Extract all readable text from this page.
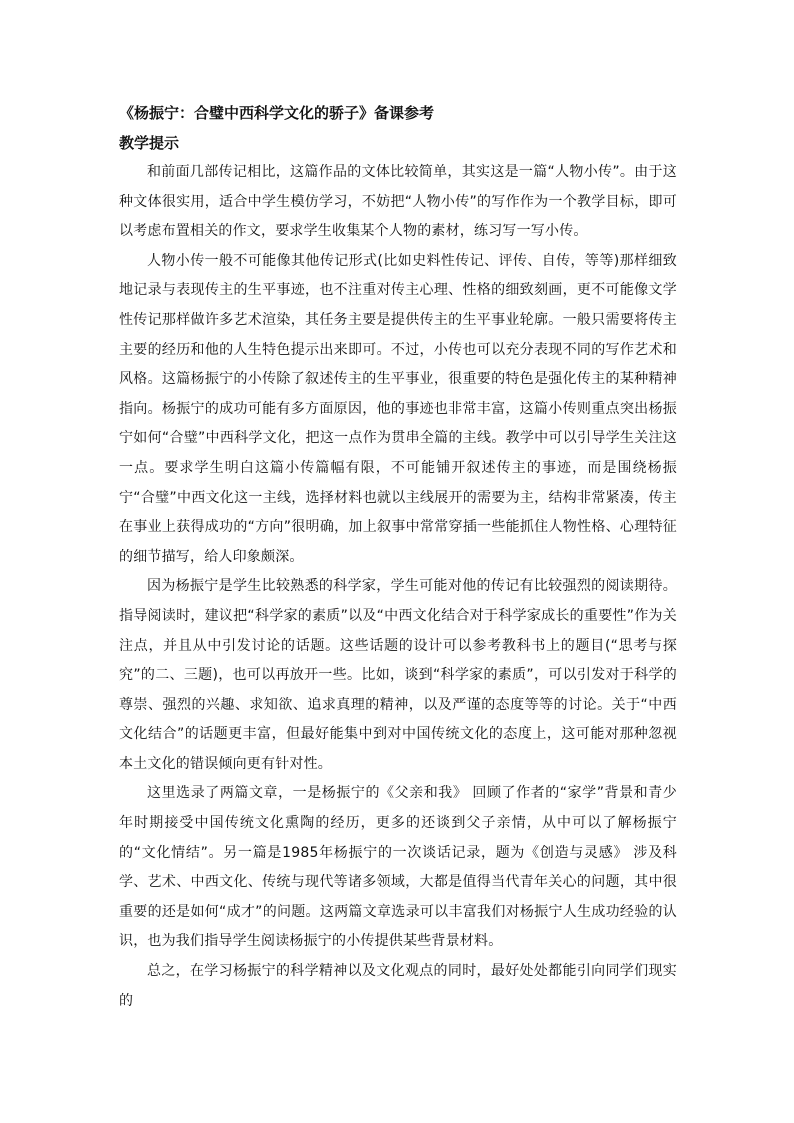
《杨振宁：合璧中西科学文化的骄子》备课参考
教学提示

和前面几部传记相比，这篇作品的文体比较简单，其实这是一篇“人物小传”。由于这种文体很实用，适合中学生模仿学习，不妨把“人物小传”的写作作为一个教学目标，即可以考虑布置相关的作文，要求学生收集某个人物的素材，练习写一写小传。

人物小传一般不可能像其他传记形式(比如史料性传记、评传、自传，等等)那样细致地记录与表现传主的生平事迹，也不注重对传主心理、性格的细致刻画，更不可能像文学性传记那样做许多艺术渲染，其任务主要是提供传主的生平事业轮廓。一般只需要将传主主要的经历和他的人生特色提示出来即可。不过，小传也可以充分表现不同的写作艺术和风格。这篇杨振宁的小传除了叙述传主的生平事业，很重要的特色是强化传主的某种精神指向。杨振宁的成功可能有多方面原因，他的事迹也非常丰富，这篇小传则重点突出杨振宁如何“合璧”中西科学文化，把这一点作为贯串全篇的主线。教学中可以引导学生关注这一点。要求学生明白这篇小传篇幅有限，不可能铺开叙述传主的事迹，而是围绕杨振宁“合璧”中西文化这一主线，选择材料也就以主线展开的需要为主，结构非常紧凑，传主在事业上获得成功的“方向”很明确，加上叙事中常常穿插一些能抓住人物性格、心理特征的细节描写，给人印象颇深。

因为杨振宁是学生比较熟悉的科学家，学生可能对他的传记有比较强烈的阅读期待。指导阅读时，建议把“科学家的素质”以及“中西文化结合对于科学家成长的重要性”作为关注点，并且从中引发讨论的话题。这些话题的设计可以参考教科书上的题目(“思考与探究”的二、三题)，也可以再放开一些。比如，谈到“科学家的素质”，可以引发对于科学的尊崇、强烈的兴趣、求知欲、追求真理的精神，以及严谨的态度等等的讨论。关于“中西文化结合”的话题更丰富，但最好能集中到对中国传统文化的态度上，这可能对那种忽视本土文化的错误倾向更有针对性。

这里选录了两篇文章，一是杨振宁的《父亲和我》 回顾了作者的“家学”背景和青少年时期接受中国传统文化熏陶的经历，更多的还谈到父子亲情，从中可以了解杨振宁的“文化情结”。另一篇是1985年杨振宁的一次谈话记录，题为《创造与灵感》 涉及科学、艺术、中西文化、传统与现代等诸多领域，大都是值得当代青年关心的问题，其中很重要的还是如何“成才”的问题。这两篇文章选录可以丰富我们对杨振宁人生成功经验的认识，也为我们指导学生阅读杨振宁的小传提供某些背景材料。

总之，在学习杨振宁的科学精神以及文化观点的同时，最好处处都能引向同学们现实的
